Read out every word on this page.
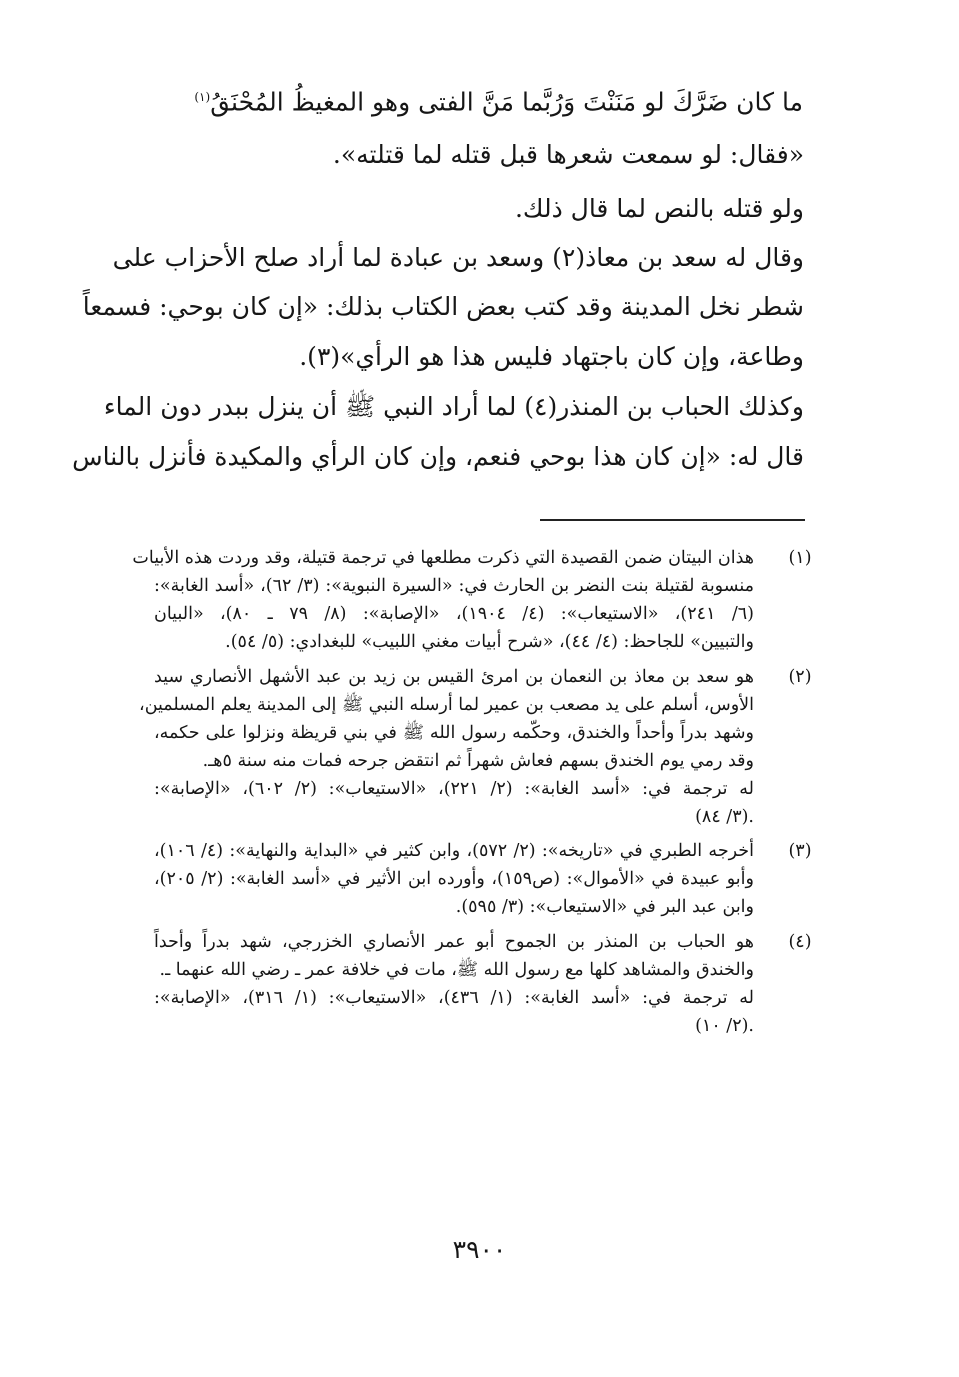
ما كان ضَرَّكَ لو مَنَنْتَ وَرُبَّما مَنَّ الفتى وهو المغيظُ المُحْنَقُ$^{(١)}$
«فقال: لو سمعت شعرها قبل قتله لما قتلته».
ولو قتله بالنص لما قال ذلك.
وقال له سعد بن معاذ(٢) وسعد بن عبادة لما أراد صلح الأحزاب على
شطر نخل المدينة وقد كتب بعض الكتاب بذلك: «إن كان بوحي: فسمعاً
وطاعة، وإن كان باجتهاد فليس هذا هو الرأي»(٣).
وكذلك الحباب بن المنذر(٤) لما أراد النبي ﷺ أن ينزل ببدر دون الماء
قال له: «إن كان هذا بوحي فنعم، وإن كان الرأي والمكيدة فأنزل بالناس
(١)
هذان البيتان ضمن القصيدة التي ذكرت مطلعها في ترجمة قتيلة، وقد وردت هذه الأبيات
منسوبة لقتيلة بنت النضر بن الحارث في: «السيرة النبوية»: (٣/ ٦٢)، «أسد الغابة»:
(٦/ ٢٤١)، «الاستيعاب»: (٤/ ١٩٠٤)، «الإصابة»: (٨/ ٧٩ ـ ٨٠)، «البيان
والتبيين» للجاحظ: (٤/ ٤٤)، «شرح أبيات مغني اللبيب» للبغدادي: (٥/ ٥٤).
(٢)
هو سعد بن معاذ بن النعمان بن امرئ القيس بن زيد بن عبد الأشهل الأنصاري سيد
الأوس، أسلم على يد مصعب بن عمير لما أرسله النبي ﷺ إلى المدينة يعلم المسلمين،
وشهد بدراً وأحداً والخندق، وحكّمه رسول الله ﷺ في بني قريظة ونزلوا على حكمه،
وقد رمي يوم الخندق بسهم فعاش شهراً ثم انتقض جرحه فمات منه سنة ٥هـ.
له ترجمة في: «أسد الغابة»: (٢/ ٢٢١)، «الاستيعاب»: (٢/ ٦٠٢)، «الإصابة»:
(٣/ ٨٤).
(٣)
أخرجه الطبري في «تاريخه»: (٢/ ٥٧٢)، وابن كثير في «البداية والنهاية»: (٤/ ١٠٦)،
وأبو عبيدة في «الأموال»: (ص١٥٩)، وأورده ابن الأثير في «أسد الغابة»: (٢/ ٢٠٥)،
وابن عبد البر في «الاستيعاب»: (٣/ ٥٩٥).
(٤)
هو الحباب بن المنذر بن الجموح أبو عمر الأنصاري الخزرجي، شهد بدراً وأحداً
والخندق والمشاهد كلها مع رسول الله ﷺ، مات في خلافة عمر ـ رضي الله عنهما ـ.
له ترجمة في: «أسد الغابة»: (١/ ٤٣٦)، «الاستيعاب»: (١/ ٣١٦)، «الإصابة»:
(٢/ ١٠).
٣٩٠٠
